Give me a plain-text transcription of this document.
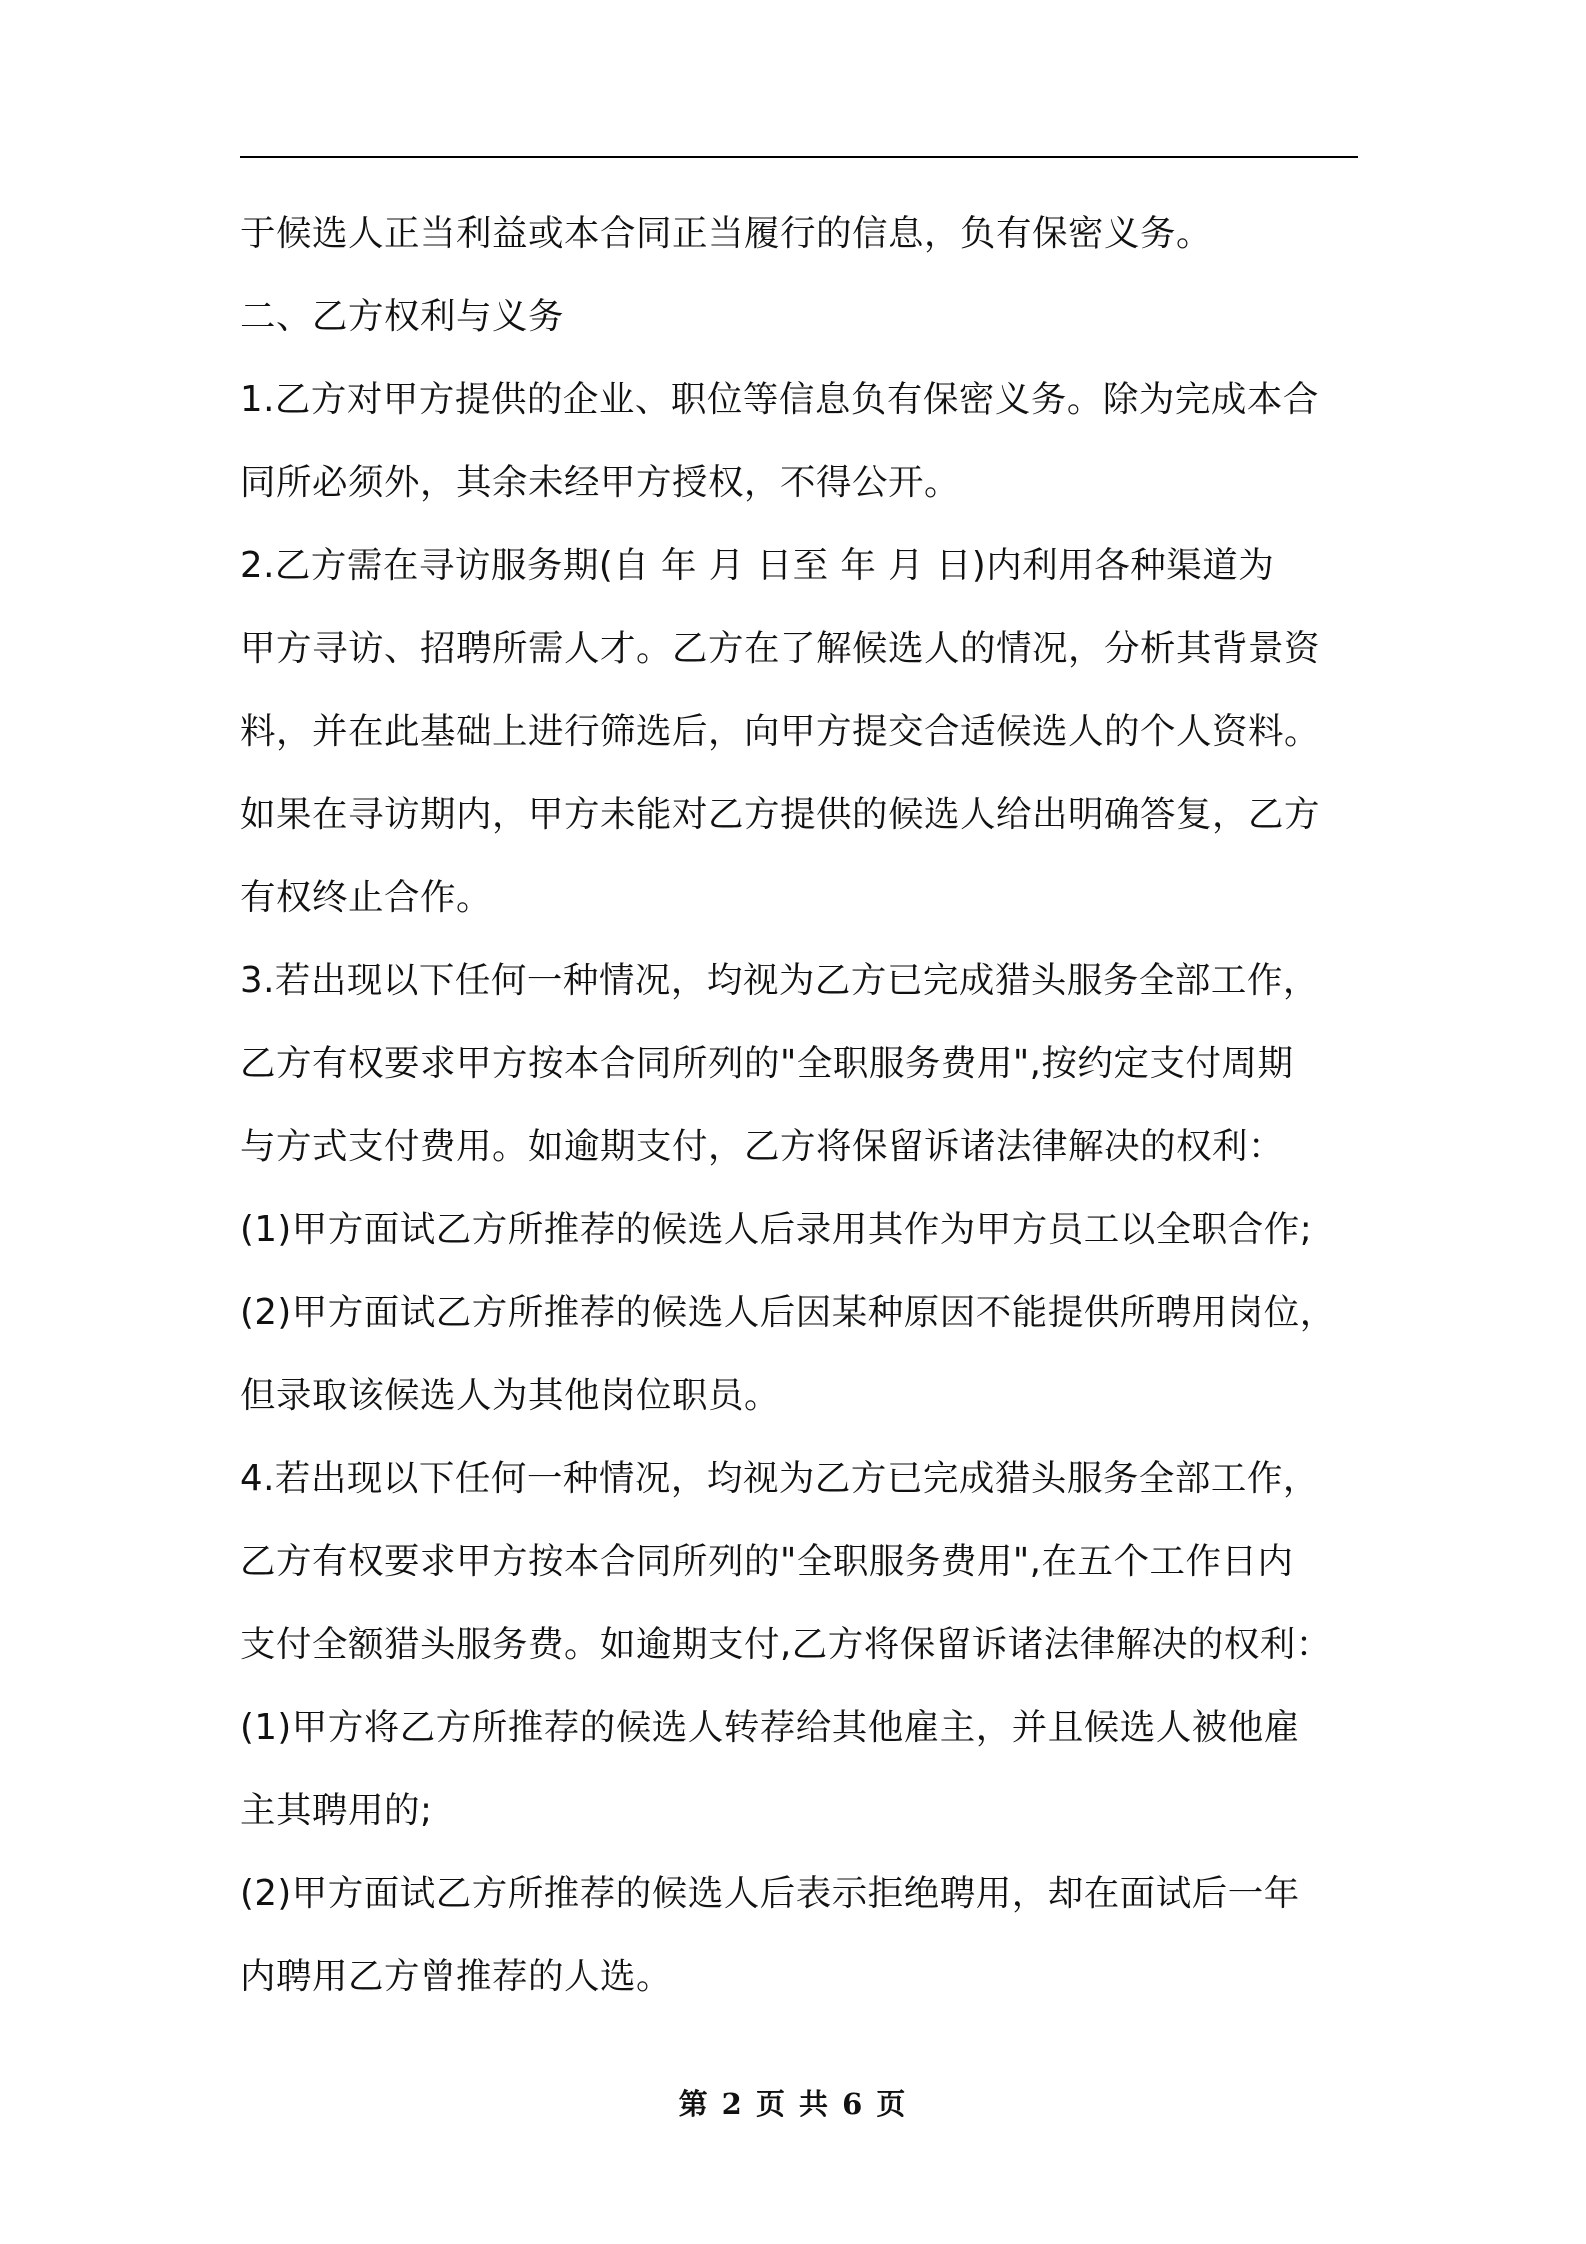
于候选人正当利益或本合同正当履行的信息，负有保密义务。
二、乙方权利与义务
1.乙方对甲方提供的企业、职位等信息负有保密义务。除为完成本合
同所必须外，其余未经甲方授权，不得公开。
2.乙方需在寻访服务期(自 年 月 日至 年 月 日)内利用各种渠道为
甲方寻访、招聘所需人才。乙方在了解候选人的情况，分析其背景资
料，并在此基础上进行筛选后，向甲方提交合适候选人的个人资料。
如果在寻访期内，甲方未能对乙方提供的候选人给出明确答复，乙方
有权终止合作。
3.若出现以下任何一种情况，均视为乙方已完成猎头服务全部工作，
乙方有权要求甲方按本合同所列的"全职服务费用",按约定支付周期
与方式支付费用。如逾期支付，乙方将保留诉诸法律解决的权利：
(1)甲方面试乙方所推荐的候选人后录用其作为甲方员工以全职合作;
(2)甲方面试乙方所推荐的候选人后因某种原因不能提供所聘用岗位，
但录取该候选人为其他岗位职员。
4.若出现以下任何一种情况，均视为乙方已完成猎头服务全部工作，
乙方有权要求甲方按本合同所列的"全职服务费用",在五个工作日内
支付全额猎头服务费。如逾期支付,乙方将保留诉诸法律解决的权利：
(1)甲方将乙方所推荐的候选人转荐给其他雇主，并且候选人被他雇
主其聘用的;
(2)甲方面试乙方所推荐的候选人后表示拒绝聘用，却在面试后一年
内聘用乙方曾推荐的人选。
第 2 页 共 6 页
